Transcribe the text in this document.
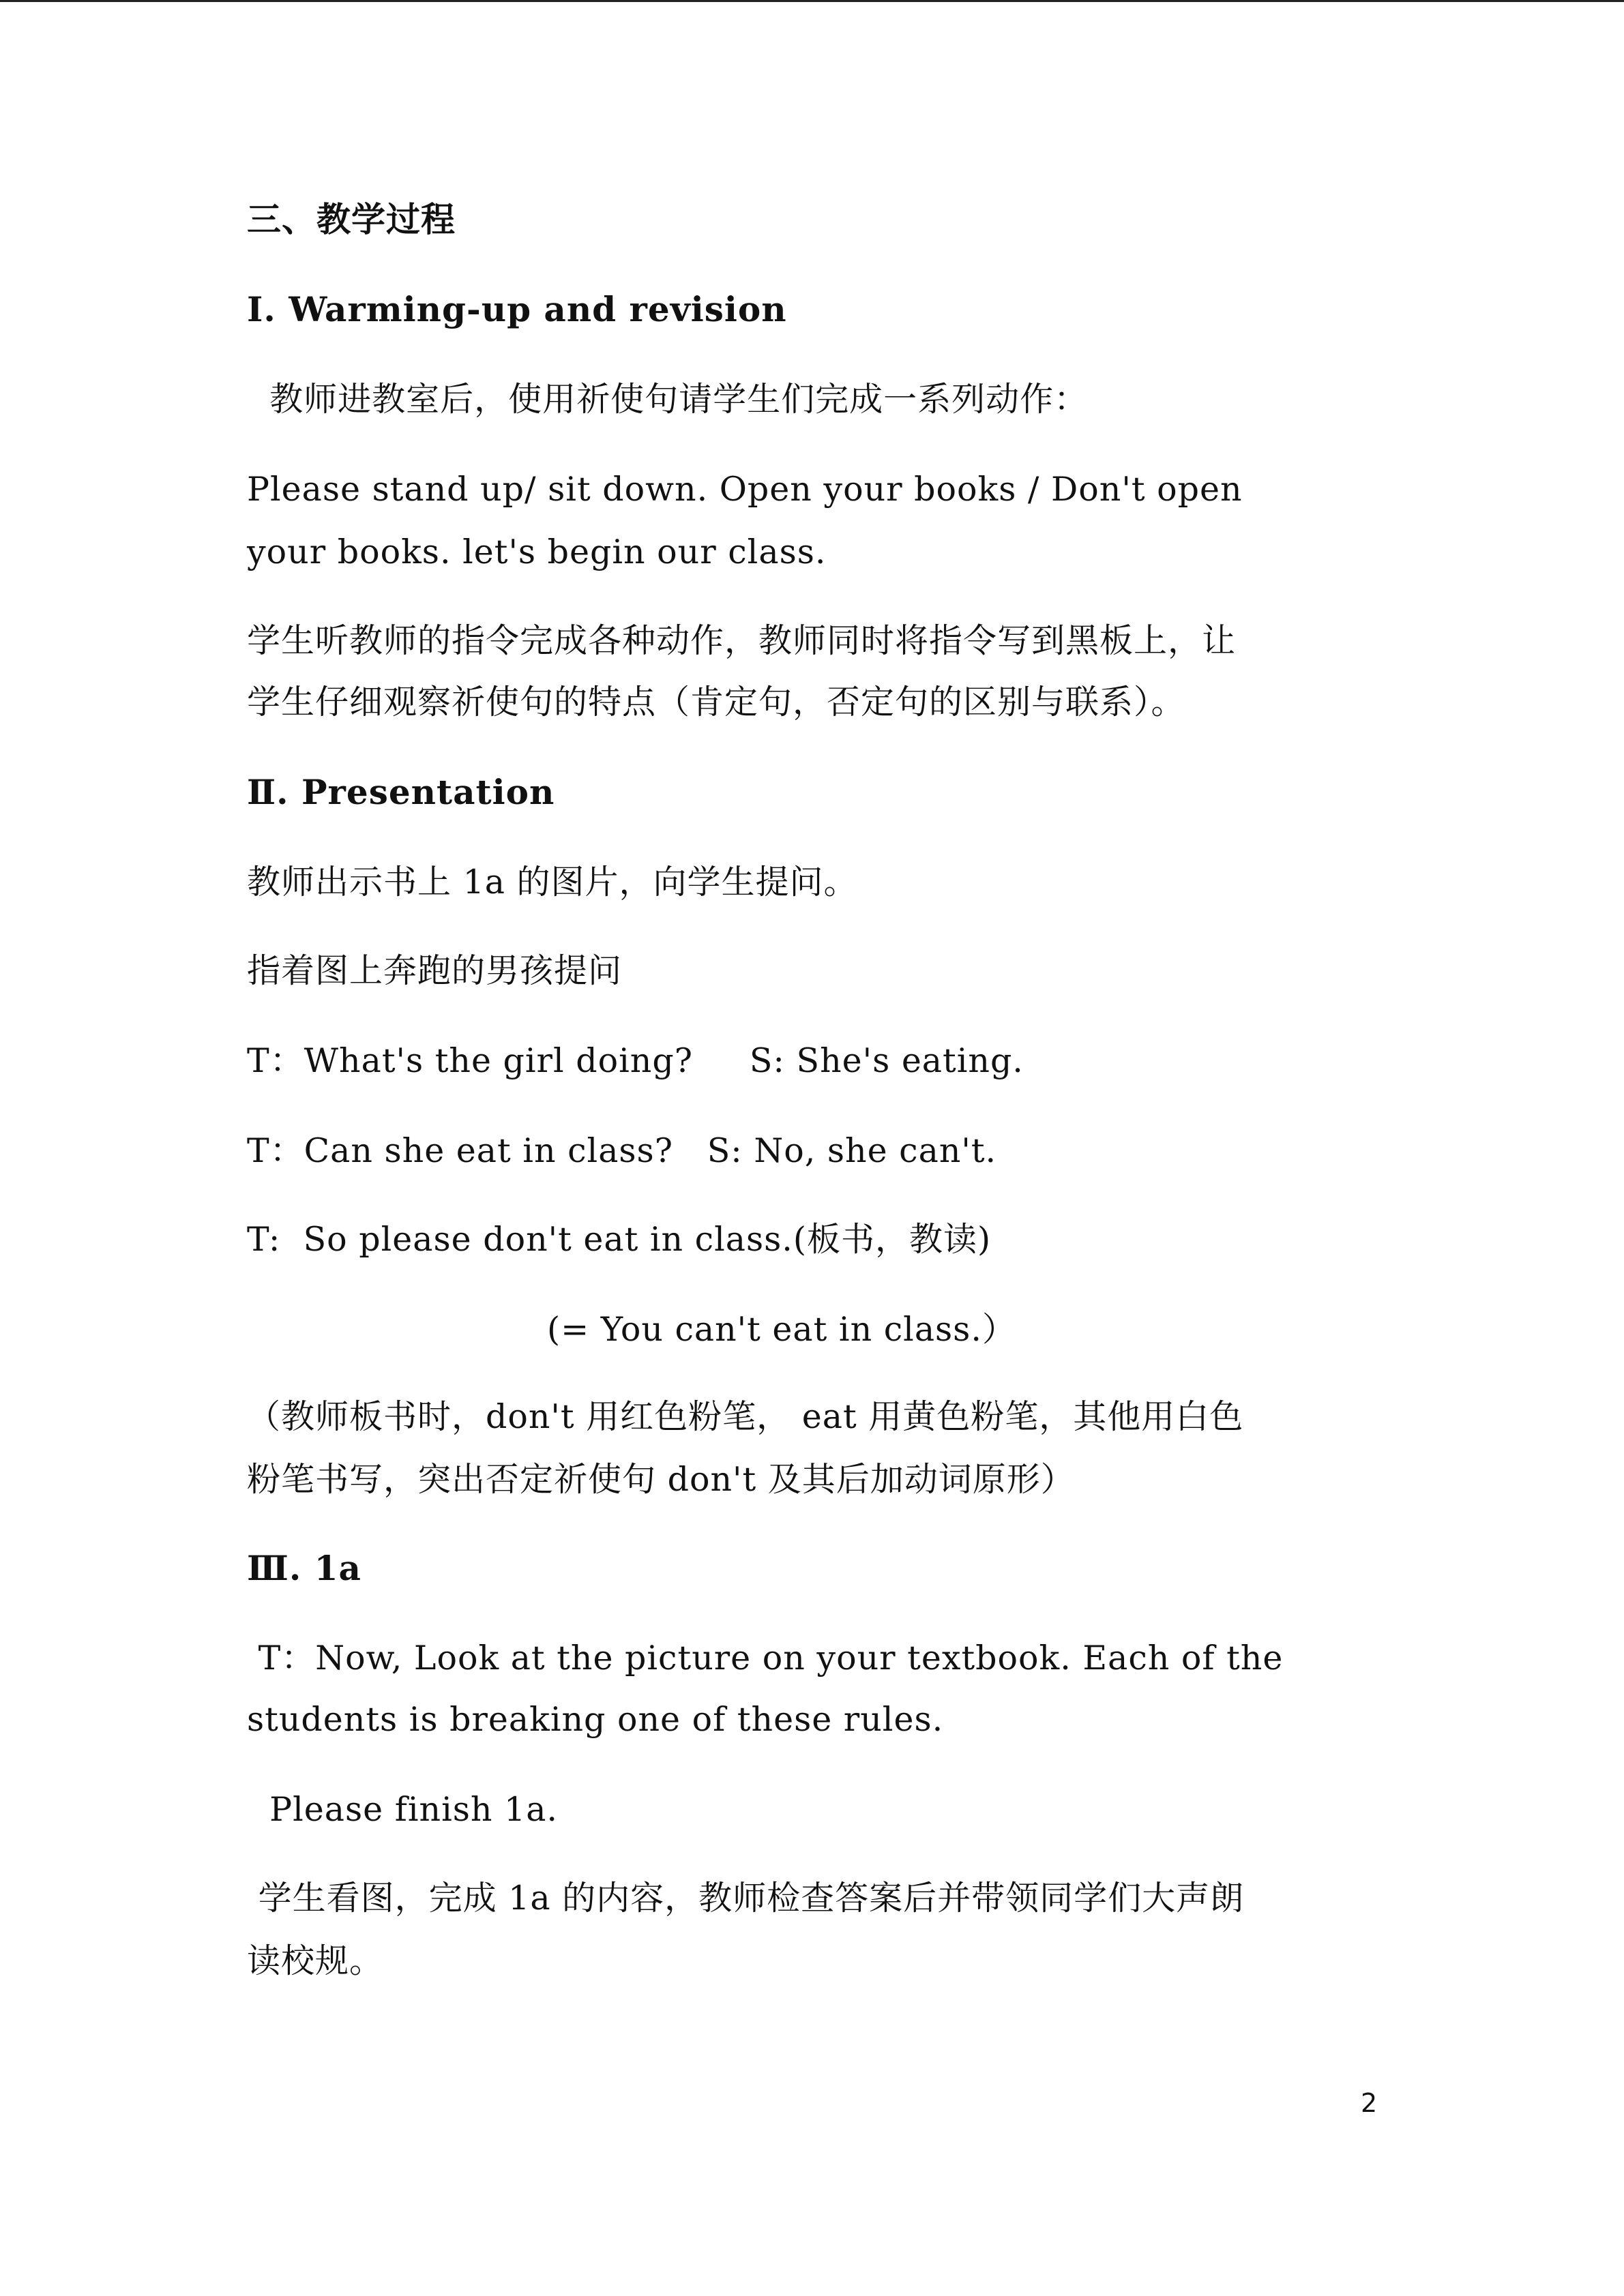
三、教学过程
Ⅰ. Warming-up and revision
教师进教室后，使用祈使句请学生们完成一系列动作：
Please stand up/ sit down. Open your books / Don't open
your books. let's begin our class.
学生听教师的指令完成各种动作，教师同时将指令写到黑板上，让
学生仔细观察祈使句的特点（肯定句，否定句的区别与联系）。
Ⅱ. Presentation
教师出示书上 1a 的图片，向学生提问。
指着图上奔跑的男孩提问
T：What's the girl doing?     S: She's eating.
T：Can she eat in class?   S: No, she can't.
T:  So please don't eat in class.(板书，教读)
(= You can't eat in class.）
（教师板书时，don't 用红色粉笔， eat 用黄色粉笔，其他用白色
粉笔书写，突出否定祈使句 don't 及其后加动词原形）
Ⅲ. 1a
T：Now, Look at the picture on your textbook. Each of the
students is breaking one of these rules.
Please finish 1a.
学生看图，完成 1a 的内容，教师检查答案后并带领同学们大声朗
读校规。
2
